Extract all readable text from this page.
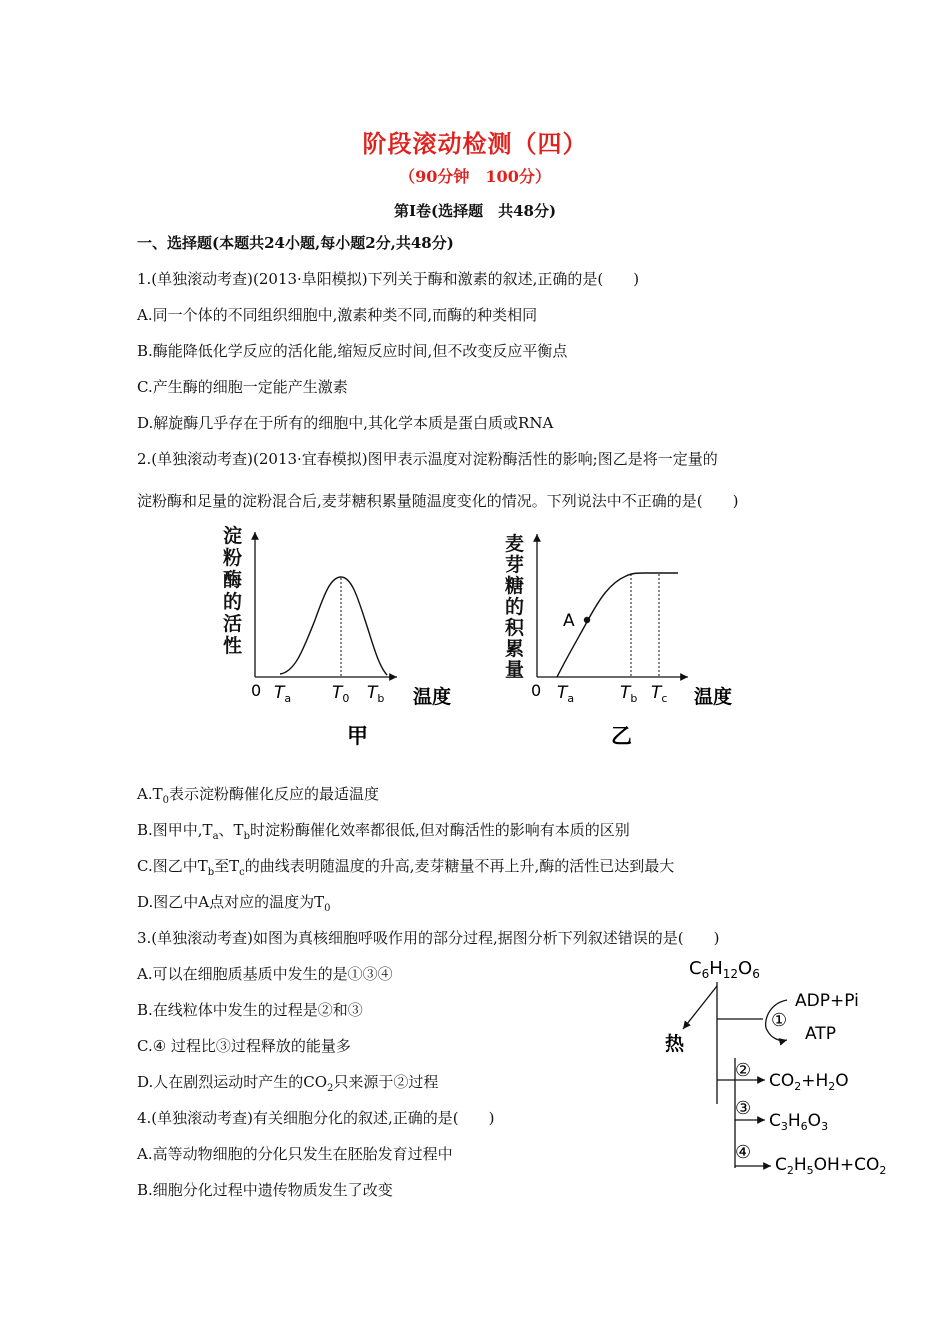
阶段滚动检测（四）
（90分钟　100分）
第Ⅰ卷(选择题　共48分)
一、选择题(本题共24小题,每小题2分,共48分)
1.(单独滚动考查)(2013·阜阳模拟)下列关于酶和激素的叙述,正确的是(　　)
A.同一个体的不同组织细胞中,激素种类不同,而酶的种类相同
B.酶能降低化学反应的活化能,缩短反应时间,但不改变反应平衡点
C.产生酶的细胞一定能产生激素
D.解旋酶几乎存在于所有的细胞中,其化学本质是蛋白质或RNA
2.(单独滚动考查)(2013·宜春模拟)图甲表示温度对淀粉酶活性的影响;图乙是将一定量的
淀粉酶和足量的淀粉混合后,麦芽糖积累量随温度变化的情况。下列说法中不正确的是(　　)
淀
粉
酶
的
活
性
0 $T_a$ $T_0$ $T_b$ 温度
甲
麦
芽
糖
的
积
累
量
A
0 $T_a$	$T_b$ $T_c$ 温度
乙
$A.T_0$表示淀粉酶催化反应的最适温度
B.图甲中$,T_a$、$T_b$时淀粉酶催化效率都很低,但对酶活性的影响有本质的区别
C.图乙中$T_b$至$T_c$的曲线表明随温度的升高,麦芽糖量不再上升,酶的活性已达到最大
D.图乙中A点对应的温度为$T_0$
3.(单独滚动考查)如图为真核细胞呼吸作用的部分过程,据图分析下列叙述错误的是(　　)
A.可以在细胞质基质中发生的是①③④
B.在线粒体中发生的过程是②和③
C.④ 过程比③过程释放的能量多
D.人在剧烈运动时产生的$CO_2$只来源于②过程
$C_6H_{12}O_6$
热
①
ADP+Pi
ATP
② $CO_2+H_2O$
③
$C_3H_6O_3$
④
$C_2H_5OH+CO_2$
4.(单独滚动考查)有关细胞分化的叙述,正确的是(　　)
A.高等动物细胞的分化只发生在胚胎发育过程中
B.细胞分化过程中遗传物质发生了改变
